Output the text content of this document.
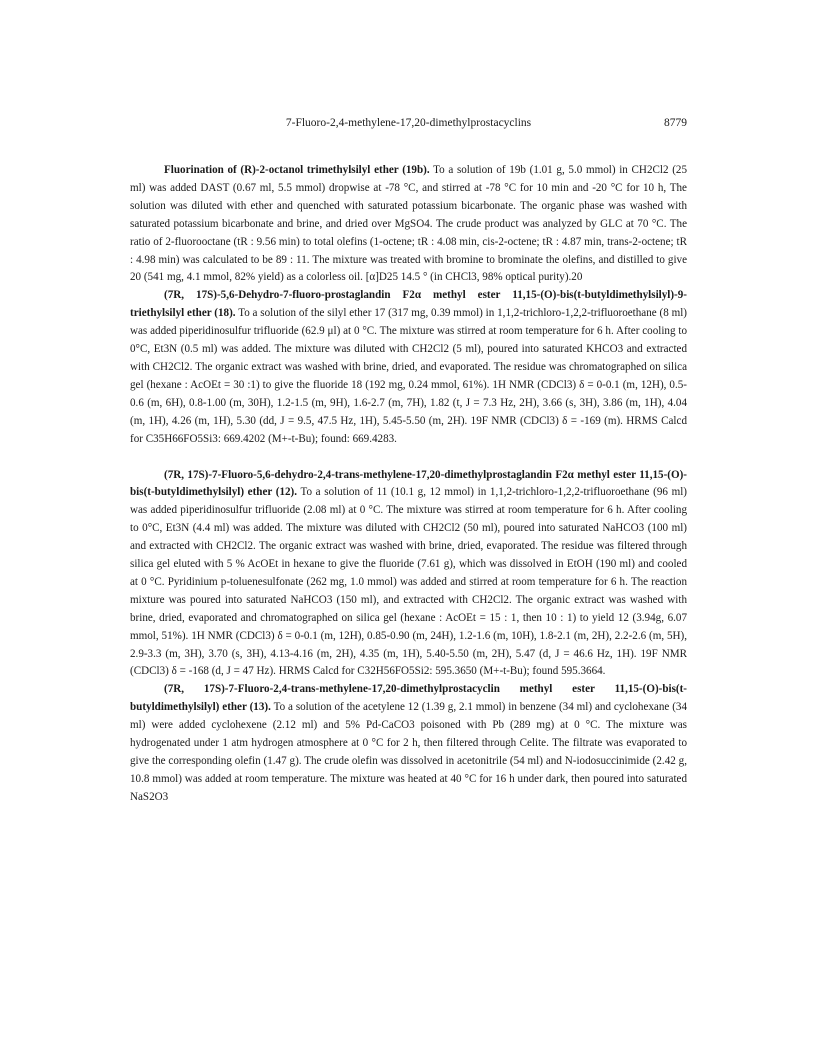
7-Fluoro-2,4-methylene-17,20-dimethylprostacyclins	8779

Fluorination of (R)-2-octanol trimethylsilyl ether (19b). To a solution of 19b (1.01 g, 5.0 mmol) in CH2Cl2 (25 ml) was added DAST (0.67 ml, 5.5 mmol) dropwise at -78 °C, and stirred at -78 °C for 10 min and -20 °C for 10 h, The solution was diluted with ether and quenched with saturated potassium bicarbonate. The organic phase was washed with saturated potassium bicarbonate and brine, and dried over MgSO4. The crude product was analyzed by GLC at 70 °C. The ratio of 2-fluorooctane (tR : 9.56 min) to total olefins (1-octene; tR : 4.08 min, cis-2-octene; tR : 4.87 min, trans-2-octene; tR : 4.98 min) was calculated to be 89 : 11. The mixture was treated with bromine to brominate the olefins, and distilled to give 20 (541 mg, 4.1 mmol, 82% yield) as a colorless oil. [α]D25 14.5 ° (in CHCl3, 98% optical purity).20

(7R, 17S)-5,6-Dehydro-7-fluoro-prostaglandin F2α methyl ester 11,15-(O)-bis(t-butyldimethylsilyl)-9-triethylsilyl ether (18). To a solution of the silyl ether 17 (317 mg, 0.39 mmol) in 1,1,2-trichloro-1,2,2-trifluoroethane (8 ml) was added piperidinosulfur trifluoride (62.9 μl) at 0 °C. The mixture was stirred at room temperature for 6 h. After cooling to 0°C, Et3N (0.5 ml) was added. The mixture was diluted with CH2Cl2 (5 ml), poured into saturated KHCO3 and extracted with CH2Cl2. The organic extract was washed with brine, dried, and evaporated. The residue was chromatographed on silica gel (hexane : AcOEt = 30 :1) to give the fluoride 18 (192 mg, 0.24 mmol, 61%). 1H NMR (CDCl3) δ = 0-0.1 (m, 12H), 0.5-0.6 (m, 6H), 0.8-1.00 (m, 30H), 1.2-1.5 (m, 9H), 1.6-2.7 (m, 7H), 1.82 (t, J = 7.3 Hz, 2H), 3.66 (s, 3H), 3.86 (m, 1H), 4.04 (m, 1H), 4.26 (m, 1H), 5.30 (dd, J = 9.5, 47.5 Hz, 1H), 5.45-5.50 (m, 2H). 19F NMR (CDCl3) δ = -169 (m). HRMS Calcd for C35H66FO5Si3: 669.4202 (M+-t-Bu); found: 669.4283.

(7R, 17S)-7-Fluoro-5,6-dehydro-2,4-trans-methylene-17,20-dimethylprostaglandin F2α methyl ester 11,15-(O)-bis(t-butyldimethylsilyl) ether (12). To a solution of 11 (10.1 g, 12 mmol) in 1,1,2-trichloro-1,2,2-trifluoroethane (96 ml) was added piperidinosulfur trifluoride (2.08 ml) at 0 °C. The mixture was stirred at room temperature for 6 h. After cooling to 0°C, Et3N (4.4 ml) was added. The mixture was diluted with CH2Cl2 (50 ml), poured into saturated NaHCO3 (100 ml) and extracted with CH2Cl2. The organic extract was washed with brine, dried, evaporated. The residue was filtered through silica gel eluted with 5 % AcOEt in hexane to give the fluoride (7.61 g), which was dissolved in EtOH (190 ml) and cooled at 0 °C. Pyridinium p-toluenesulfonate (262 mg, 1.0 mmol) was added and stirred at room temperature for 6 h. The reaction mixture was poured into saturated NaHCO3 (150 ml), and extracted with CH2Cl2. The organic extract was washed with brine, dried, evaporated and chromatographed on silica gel (hexane : AcOEt = 15 : 1, then 10 : 1) to yield 12 (3.94g, 6.07 mmol, 51%). 1H NMR (CDCl3) δ = 0-0.1 (m, 12H), 0.85-0.90 (m, 24H), 1.2-1.6 (m, 10H), 1.8-2.1 (m, 2H), 2.2-2.6 (m, 5H), 2.9-3.3 (m, 3H), 3.70 (s, 3H), 4.13-4.16 (m, 2H), 4.35 (m, 1H), 5.40-5.50 (m, 2H), 5.47 (d, J = 46.6 Hz, 1H). 19F NMR (CDCl3) δ = -168 (d, J = 47 Hz). HRMS Calcd for C32H56FO5Si2: 595.3650 (M+-t-Bu); found 595.3664.

(7R, 17S)-7-Fluoro-2,4-trans-methylene-17,20-dimethylprostacyclin methyl ester 11,15-(O)-bis(t-butyldimethylsilyl) ether (13). To a solution of the acetylene 12 (1.39 g, 2.1 mmol) in benzene (34 ml) and cyclohexane (34 ml) were added cyclohexene (2.12 ml) and 5% Pd-CaCO3 poisoned with Pb (289 mg) at 0 °C. The mixture was hydrogenated under 1 atm hydrogen atmosphere at 0 °C for 2 h, then filtered through Celite. The filtrate was evaporated to give the corresponding olefin (1.47 g). The crude olefin was dissolved in acetonitrile (54 ml) and N-iodosuccinimide (2.42 g, 10.8 mmol) was added at room temperature. The mixture was heated at 40 °C for 16 h under dark, then poured into saturated NaS2O3
